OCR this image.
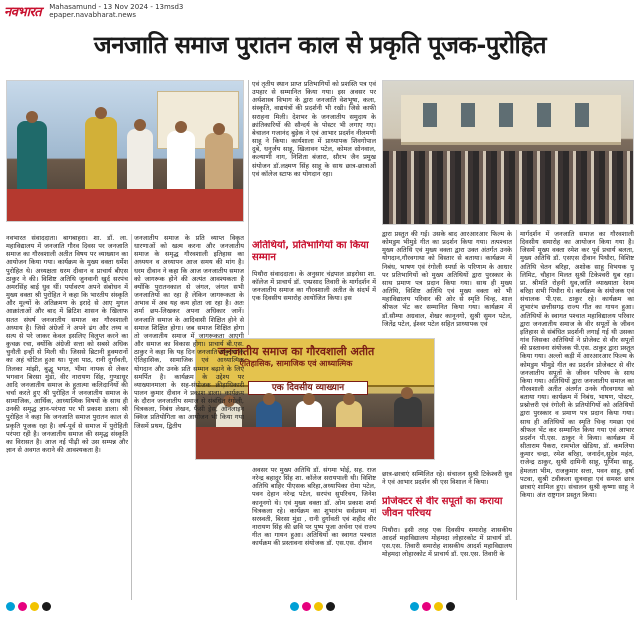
नवभारत Mahasamund - 13 Nov 2024 - 13msd3
epaper.navabharat.news
जनजाति समाज पुरातन काल से प्रकृति पूजक-पुरोहित
जनजातीय समाज का गौरवशाली अतीत
ऐतिहासिक, सामाजिक एवं आध्यात्मिक
एक दिवसीय व्याख्यान
नवभारत संवाददाता। बागबाहरा। शा. डॉ. ला. महाविद्यालय में जनजाति गौरव दिवस पर जनजाति समाज का गौरवशाली अतीत विषय पर व्याख्यान का आयोजन किया गया। कार्यक्रम के मुख्य वक्ता धर्मेश पुरोहित थे। अध्यक्षता धरम दीवान व प्राचार्य बीएस ठाकुर ने की। विशिष्ट अतिथि जुनवानी खुर्द सरपंच अमरसिंह बाई धुव थीं। पर्यावरण अपने संबोधन में मुख्य वक्ता श्री पुरोहित ने कहा कि भारतीय संस्कृति और मूल्यों के अतिक्रमण के इरादे से आए मुगल आक्रांताओं और बाद में ब्रिटिश शासन के खिलाफ सतत संघर्ष जनजातीय समाज का गौरवशाली अध्याय है। जिसे अंग्रेजों ने अपने ढंग और तथ्य व सत्य से परे जाकर केवल इसलिए विलुप्त करने का कुचक्र रचा, क्योंकि अंग्रेजी सत्ता को सबसे अधिक चुनौती इन्हीं से मिली थी। जिससे ब्रिटानी हुक्मरानों का अहं चोटिल हुआ था। पूजा पाठ, रानी दुर्गावती, तिलका मांझी, बुद्धू भगत, भीमा नायक से लेकर भगवान बिरसा मुंडा, वीर नारायण सिंह, गुण्डाधूर आदि जनजातीय समाज के हुतात्मा कलिदानियों की चर्चा करते हुए श्री पुरोहित ने जनजातीय समाज के सामाजिक, आर्थिक, आध्यात्मिक विषयों के साथ ही उनकी समृद्ध ज्ञान-परंपरा पर भी प्रकाश डाला। श्री पुरोहित ने कहा कि जनजाति समाज पुरातन काल से प्रकृति पूजक रहा है। वर्ष-पूर्व से समाज में पुरोहिती परंपरा रही है। जनजातीय समाज की समृद्ध संस्कृति का विरासत है। आज नई पीढ़ी को उस सम्पन्न और ज्ञान से अवगत कराने की आवश्यकता है।
जनजातीय समाज के प्रति व्याप्त विकृत धारणाओं को खत्म करना और जनजातीय समाज के समृद्ध गौरवशाली इतिहास का अध्ययन व अध्यापन आज समय की मांग है। धरम दीवान ने कहा कि आज जनजातीय समाज को जागरूक होने की अत्यंत आवश्यकता है क्योंकि पुरातनकाल से जंगल, जंगल सभी जनजातियों का रहा है लेकिन जागरूकता के अभाव में अब यह कम होता जा रहा है। अतः शर्मा छप-लिखकर अपना अधिकार जानें। जनजाति समाज के आदिवासी शिक्षित होने से समाज शिक्षित होगा। जब समाज शिक्षित होगा तो जनजातीय समाज में जागरूकता आएगी और समाज का विकास होगा। प्राचार्य बी.एस. ठाकुर ने कहा कि यह दिन जनजाति समुदाय के ऐतिहासिक, सामाजिक एवं आध्यात्मिक योगदान और उनके प्रति सम्मान बढ़ाने के लिए समर्पित है। कार्यक्रम के उद्देश्य पर व्याख्यानमाला के सह-संयोजक क्रीड़ाधिकारी पालन कुमार दीवान ने प्रकाश डाला। कार्यक्रम के दौरान जनजातीय समाज से संबंधित रंगोली, चित्रकला, निबंध लेखन, फैंसी ड्रेस, ऑनलाइन क्विज प्रतियोगिता का आयोजन भी किया गया जिसमें प्रथम, द्वितीय
एवं तृतीय स्थान प्राप्त प्रतिभागियों को प्रशस्ति पत्र एवं उपहार से सम्मानित किया गया। इस अवसर पर अर्थशास्त्र विभाग के द्वारा जनजाति वेशभूषा, कला, संस्कृति, वाद्ययंत्रों की प्रदर्शनी भी रखी। जिसे काफी सराहना मिली। देशभर के जनजातीय समुदाय के क्रांतिकारियों की सौन्दर्य के पोस्टर भी लगाए गए। बेचालन गजानंद बुड़ेक ने एवं आभार प्रदर्शन नीलमणी साहू ने किया। कार्यशाला में प्राध्यापक शिवगोपाल दुबे, धनुर्जय साहू, खिलावन पटेल, कोमल सोनवाल, कल्याणी नाग, निशिता बंजारा, सौरभ जैन प्रमुख संयोजन डॉ.लक्ष्मण सिंह साहू के साथ छात्र-छात्राओं एवं कॉलेज स्टाफ का योगदान रहा।
अतिथियों, प्रतिभागियों का किया सम्मान
पिथौरा संवाददाता। के अनुसार चंद्रपाल डाइरोसा शा. कॉलेज में प्राचार्य डॉ. एम्प्रसाद तिवारी के मार्गदर्शन में जनजातीय समाज का गौरवशाली अतीत के संदर्भ में एक दिवसीय समारोह आयोजित किया। इस
द्वारा प्रस्तुत की गई। उसके बाद आरआरआर फिल्म के कोमडुम भीमुडे गीत का प्रदर्शन किया गया। तत्पश्चात मुख्य अतिथि एवं मुख्य वक्ता द्वारा उक्त अंतर्गत उनके योगदान,गौरवगाथा को विस्तार से बताया। कार्यक्रम में निबंध, भाषण एवं रंगोली स्पर्धा के परिणाम के आधार पर प्रतिभागियों को मुख्य अतिथियों द्वारा पुरस्कार के साथ प्रमाण पत्र प्रदान किया गया। साथ ही मुख्य अतिथि, विशिष्ट अतिथि एवं मुख्य वक्ता को भी महाविद्यालय परिवार की ओर से स्मृति चिन्ह, शाल श्रीफल भेंट कर सम्मानित किया गया। कार्यक्रम में डॉ.सौम्या अग्रवाल, शेखर कानूनगो, सुश्री सुमन पटेल, जितेंद्र पटेल, ईश्वर पटेल सहित प्राध्यापक एवं
मार्गदर्शन में जनजाति समाज का गौरवशाली दिवसीय समारोह का आयोजन किया गया है। जिसमें मुख्य वक्ता रमेश कर पूर्व प्रचार्य बलता, मुख्य अतिथि डॉ. एसएस दीवान पिथौरा, विशिष्ट अतिथि चेतन बरिहा, अशोक साहू विभयक पू लिमिट, चौहान मिलत सुश्री टिकेश्वरी धुब रहा। प्रा. श्रीमति रोहनी धुव,जांति व्याख्याता रेशम बरिहा सभी पिथौरा थे। कार्यक्रम के संयोजक एवं संचालक पी.एस. ठाकुर रहे। कार्यक्रम का शुभारंभ छत्तीसगढ़ राज्य गीत का गायन हुआ। अतिथियों के स्वागत पश्चात महाविद्यालय परिवार द्वारा जनजातीय समाज के वीर सपूतों के जीवन इतिहास से संबंधित प्रदर्शनी लगाई गई थी उसका गांव जिसका अतिथियों ने प्रोजेक्ट से वीर सपूतों की प्रस्तावना संयोजक पी.एस. ठाकुर द्वारा प्रस्तुत किया गया। अल्लो कड़ी में आरआरआर फिल्म के कोमडुम भीमुडे गीत का प्रदर्शन प्रोजेक्टर से वीर जनजातीय सपूतों के जीवन परिचय के साथ किया गया। अतिथियों द्वारा जनजातीय समाज का गौरवशाली अतीत अंतर्गत उनके गौरवगाथा को बताया गया। कार्यक्रम में निबंध, भाषण, पोस्टर, प्रश्नोत्तरी एवं रंगोली के प्रतियोगियों को अतिथियों द्वारा पुरस्कार व प्रमाण पत्र प्रदान किया गया। साथ ही अतिथियों का स्मृति चिन्ह गमछा एवं श्रीफल भेंट कर सम्मानित किया गया एवं आभार प्रदर्शन पी.एस. ठाकुर ने किया। कार्यक्रम में सीताराम पैकरा, रामभोल खेडिया, डॉ. कमलिया कुमार चन्द्रा, रमेश बरिहा, जनार्दन,सुदेव महंत, राजेन्द्र ठाकुर, सुश्री दामिनी साहू, पूर्णिमा साहू, हेमलता भीम, राजकुमार सत्ता, पवन साहू, हर्षा पटवा, सुश्री टवीकला सुत्रवाहा एवं समस्त छात्र छात्राएं शामिल हुए। संचालन सुश्री कृष्णा साहू ने किया। अंत राष्ट्रगान प्रस्तुत किया।
अवसर पर मुख्य अतिथि डॉ. संगमा भोई, सह. राज नरेन्द्र बहादुर सिंह शा. कॉलेज सरायपाली थी। विशिष्ट अतिथि बाहिर पीएसक बरिहा,अध्यापिका रोमा पटेल, पवन देहान नरेन्द्र पटेल, सरपंच सुपरिचय, जिनेश कानूनगो थे। एवं मुख्य वक्ता डॉ. ओम प्रकाश शर्मा चित्रकला रहे। कार्यक्रम का शुभारंभ सर्वप्रथम मां सरस्वती, बिरसा मुंडा , रानी दुर्गावती एवं शहीद वीर नारायण सिंह की छवि पर पुष्प पूजा अर्चना एवं राज्य गीत का गायन हुआ। अतिथियों का स्वागत पश्चात कार्यक्रम की प्रस्तावना संयोजक डॉ. एस.एस. दीवान
छात्र-छात्राएं सम्मिलित रहे। संचालन सुश्री टिकेश्वरी धुव ने एवं आभार प्रदर्शन श्री एस विशाल ने किया।
प्रोजेक्टर से वीर सपूतों का कराया जीवन परिचय
पिथौरा। इसी तरह एक दिवसीय समारोह शासकीय आदर्श महाविद्यालय मोहमदा लोहारकोट में प्राचार्य डॉ. एस.एस. तिवारी समारोह शासकीय आदर्श महाविद्यालय मोहमदा लोहारकोट में प्राचार्य डॉ. एस.एस. तिवारी के
